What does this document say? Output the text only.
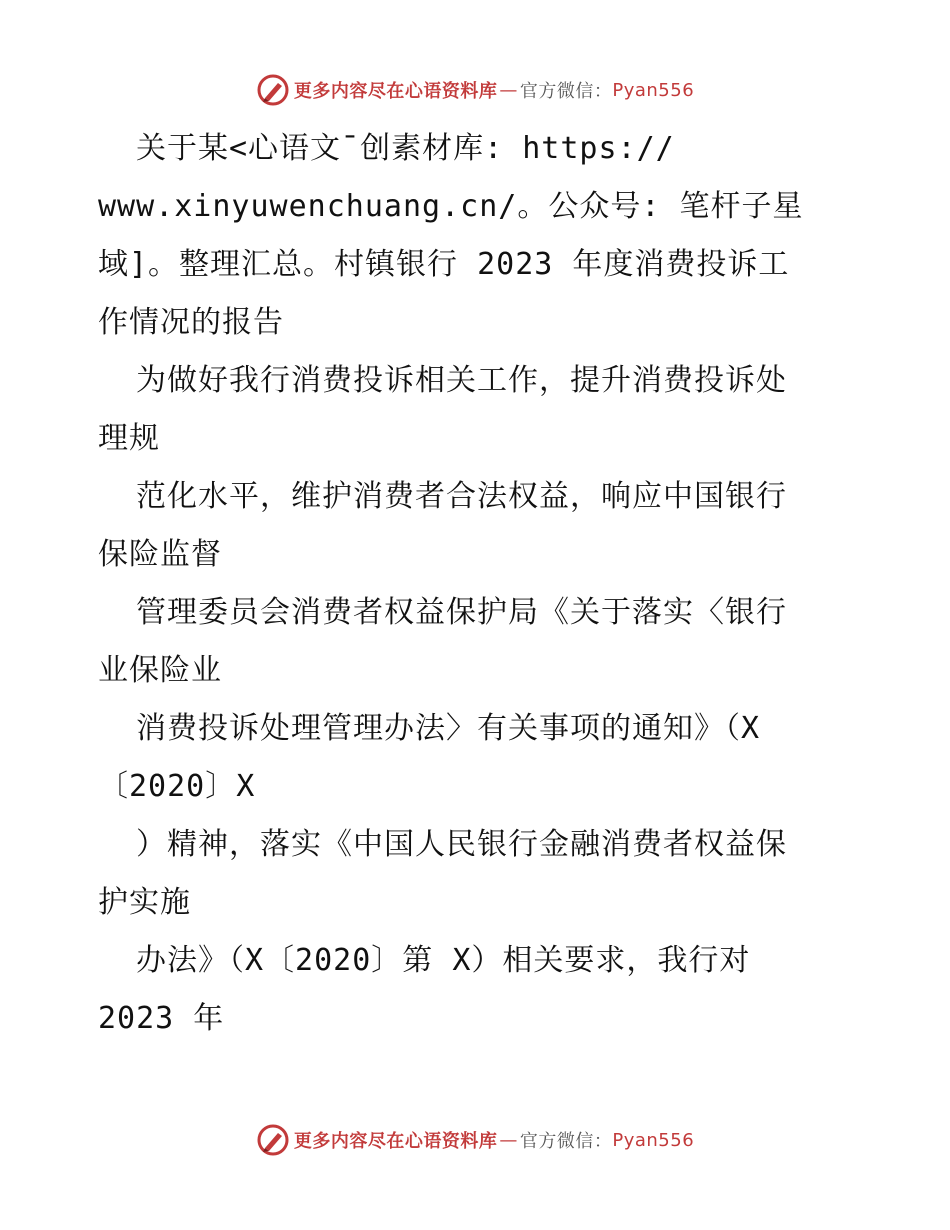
更多内容尽在心语资料库 — 官方微信： Pyan556
关于某<心语文¯创素材库: https://
www.xinyuwenchuang.cn/。公众号: 笔杆子星
域]。整理汇总。村镇银行 2023 年度消费投诉工
作情况的报告
为做好我行消费投诉相关工作，提升消费投诉处
理规
范化水平，维护消费者合法权益，响应中国银行
保险监督
管理委员会消费者权益保护局《关于落实〈银行
业保险业
消费投诉处理管理办法〉有关事项的通知》（X
〔2020〕X
）精神，落实《中国人民银行金融消费者权益保
护实施
办法》（X〔2020〕第 X）相关要求，我行对
2023 年
更多内容尽在心语资料库 — 官方微信： Pyan556
